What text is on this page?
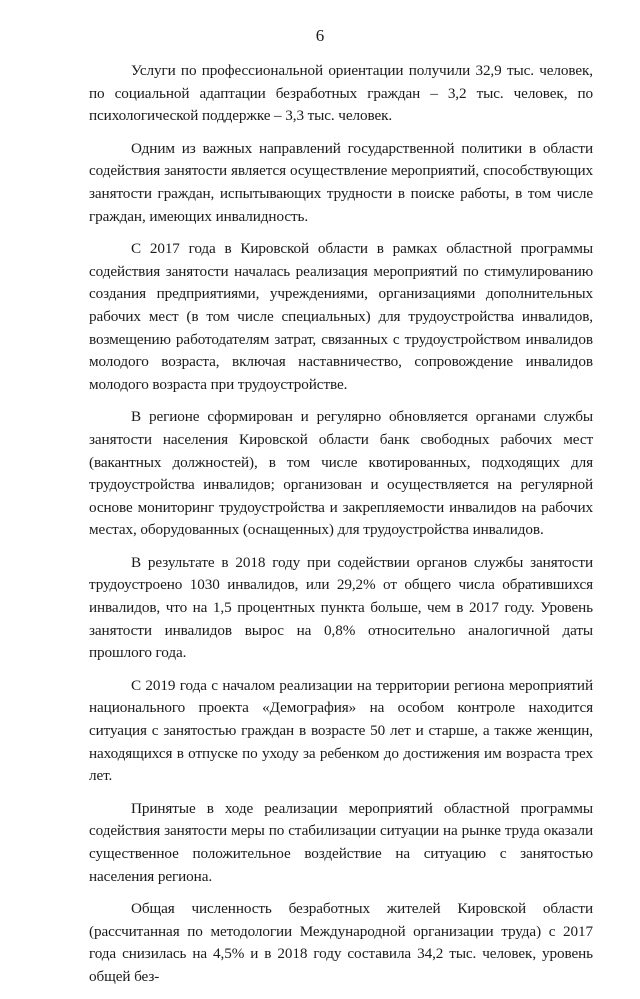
6

Услуги по профессиональной ориентации получили 32,9 тыс. человек, по социальной адаптации безработных граждан – 3,2 тыс. человек, по психологической поддержке – 3,3 тыс. человек.

Одним из важных направлений государственной политики в области содействия занятости является осуществление мероприятий, способствующих занятости граждан, испытывающих трудности в поиске работы, в том числе граждан, имеющих инвалидность.

С 2017 года в Кировской области в рамках областной программы содействия занятости началась реализация мероприятий по стимулированию создания предприятиями, учреждениями, организациями дополнительных рабочих мест (в том числе специальных) для трудоустройства инвалидов, возмещению работодателям затрат, связанных с трудоустройством инвалидов молодого возраста, включая наставничество, сопровождение инвалидов молодого возраста при трудоустройстве.

В регионе сформирован и регулярно обновляется органами службы занятости населения Кировской области банк свободных рабочих мест (вакантных должностей), в том числе квотированных, подходящих для трудоустройства инвалидов; организован и осуществляется на регулярной основе мониторинг трудоустройства и закрепляемости инвалидов на рабочих местах, оборудованных (оснащенных) для трудоустройства инвалидов.

В результате в 2018 году при содействии органов службы занятости трудоустроено 1030 инвалидов, или 29,2% от общего числа обратившихся инвалидов, что на 1,5 процентных пункта больше, чем в 2017 году. Уровень занятости инвалидов вырос на 0,8% относительно аналогичной даты прошлого года.

С 2019 года с началом реализации на территории региона мероприятий национального проекта «Демография» на особом контроле находится ситуация с занятостью граждан в возрасте 50 лет и старше, а также женщин, находящихся в отпуске по уходу за ребенком до достижения им возраста трех лет.

Принятые в ходе реализации мероприятий областной программы содействия занятости меры по стабилизации ситуации на рынке труда оказали существенное положительное воздействие на ситуацию с занятостью населения региона.

Общая численность безработных жителей Кировской области (рассчитанная по методологии Международной организации труда) с 2017 года снизилась на 4,5% и в 2018 году составила 34,2 тыс. человек, уровень общей без-
